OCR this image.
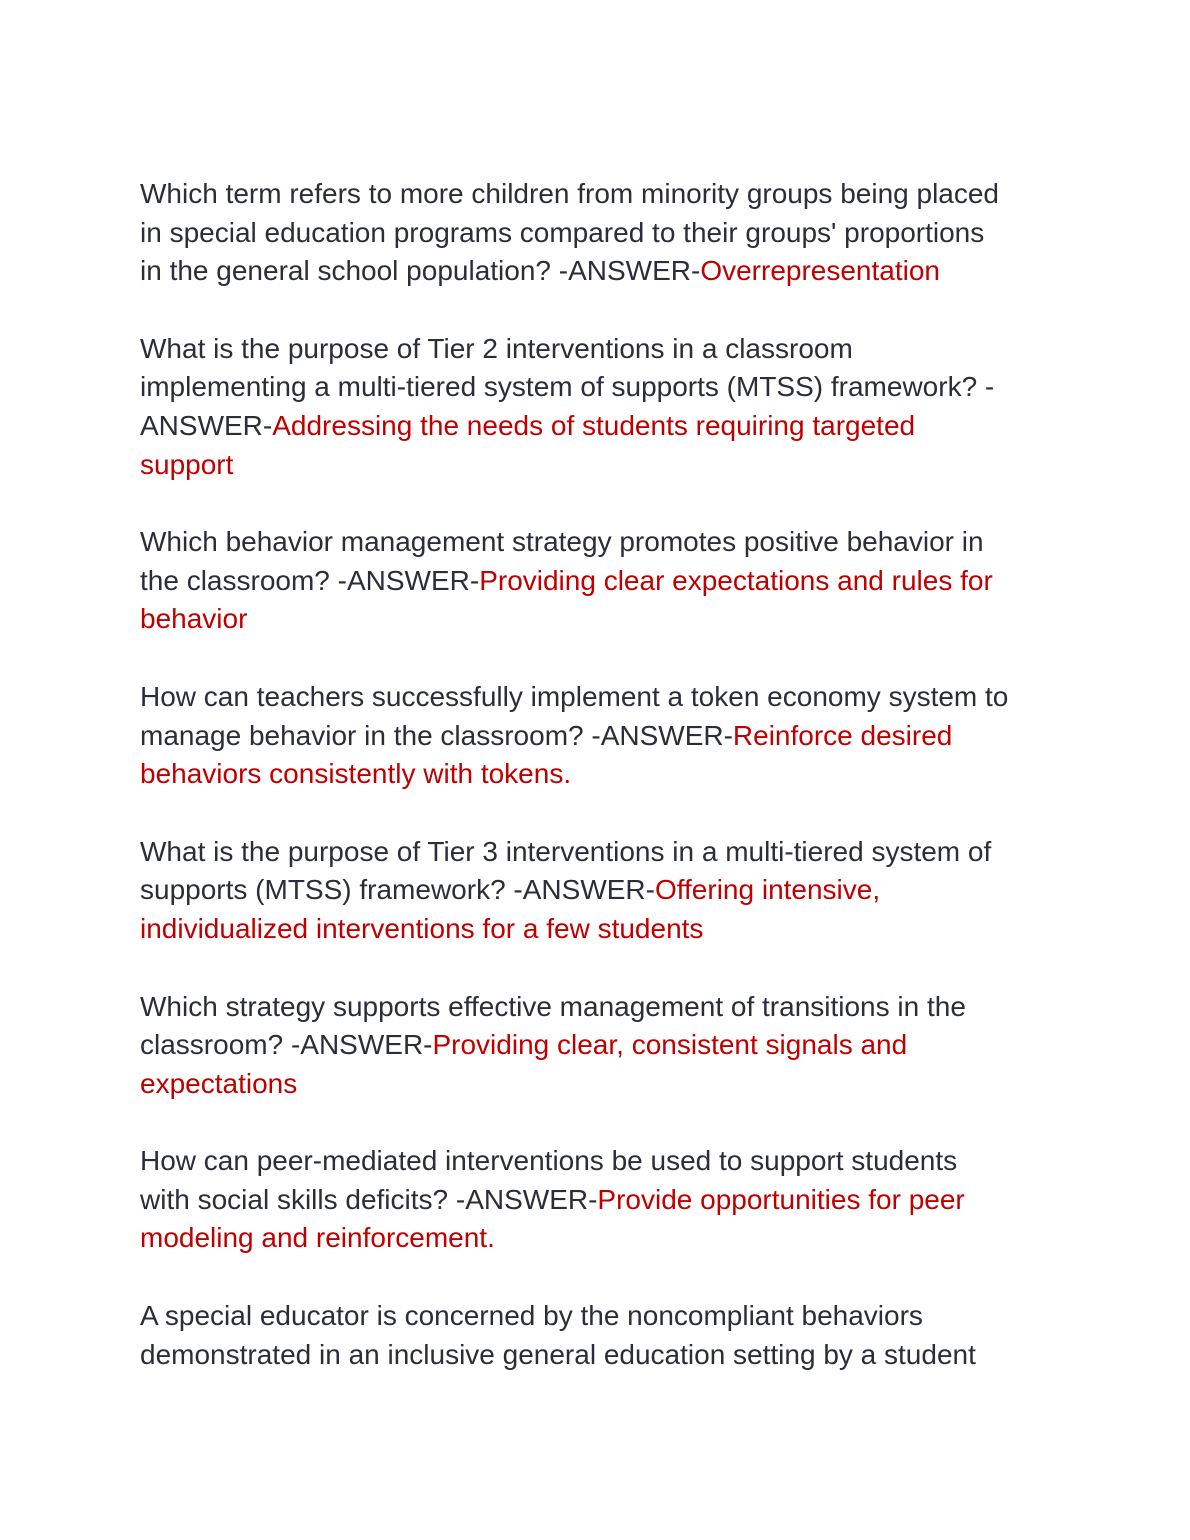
Which term refers to more children from minority groups being placed
in special education programs compared to their groups' proportions
in the general school population? -ANSWER-Overrepresentation

What is the purpose of Tier 2 interventions in a classroom
implementing a multi-tiered system of supports (MTSS) framework? -
ANSWER-Addressing the needs of students requiring targeted
support

Which behavior management strategy promotes positive behavior in
the classroom? -ANSWER-Providing clear expectations and rules for
behavior

How can teachers successfully implement a token economy system to
manage behavior in the classroom? -ANSWER-Reinforce desired
behaviors consistently with tokens.

What is the purpose of Tier 3 interventions in a multi-tiered system of
supports (MTSS) framework? -ANSWER-Offering intensive,
individualized interventions for a few students

Which strategy supports effective management of transitions in the
classroom? -ANSWER-Providing clear, consistent signals and
expectations

How can peer-mediated interventions be used to support students
with social skills deficits? -ANSWER-Provide opportunities for peer
modeling and reinforcement.

A special educator is concerned by the noncompliant behaviors
demonstrated in an inclusive general education setting by a student
